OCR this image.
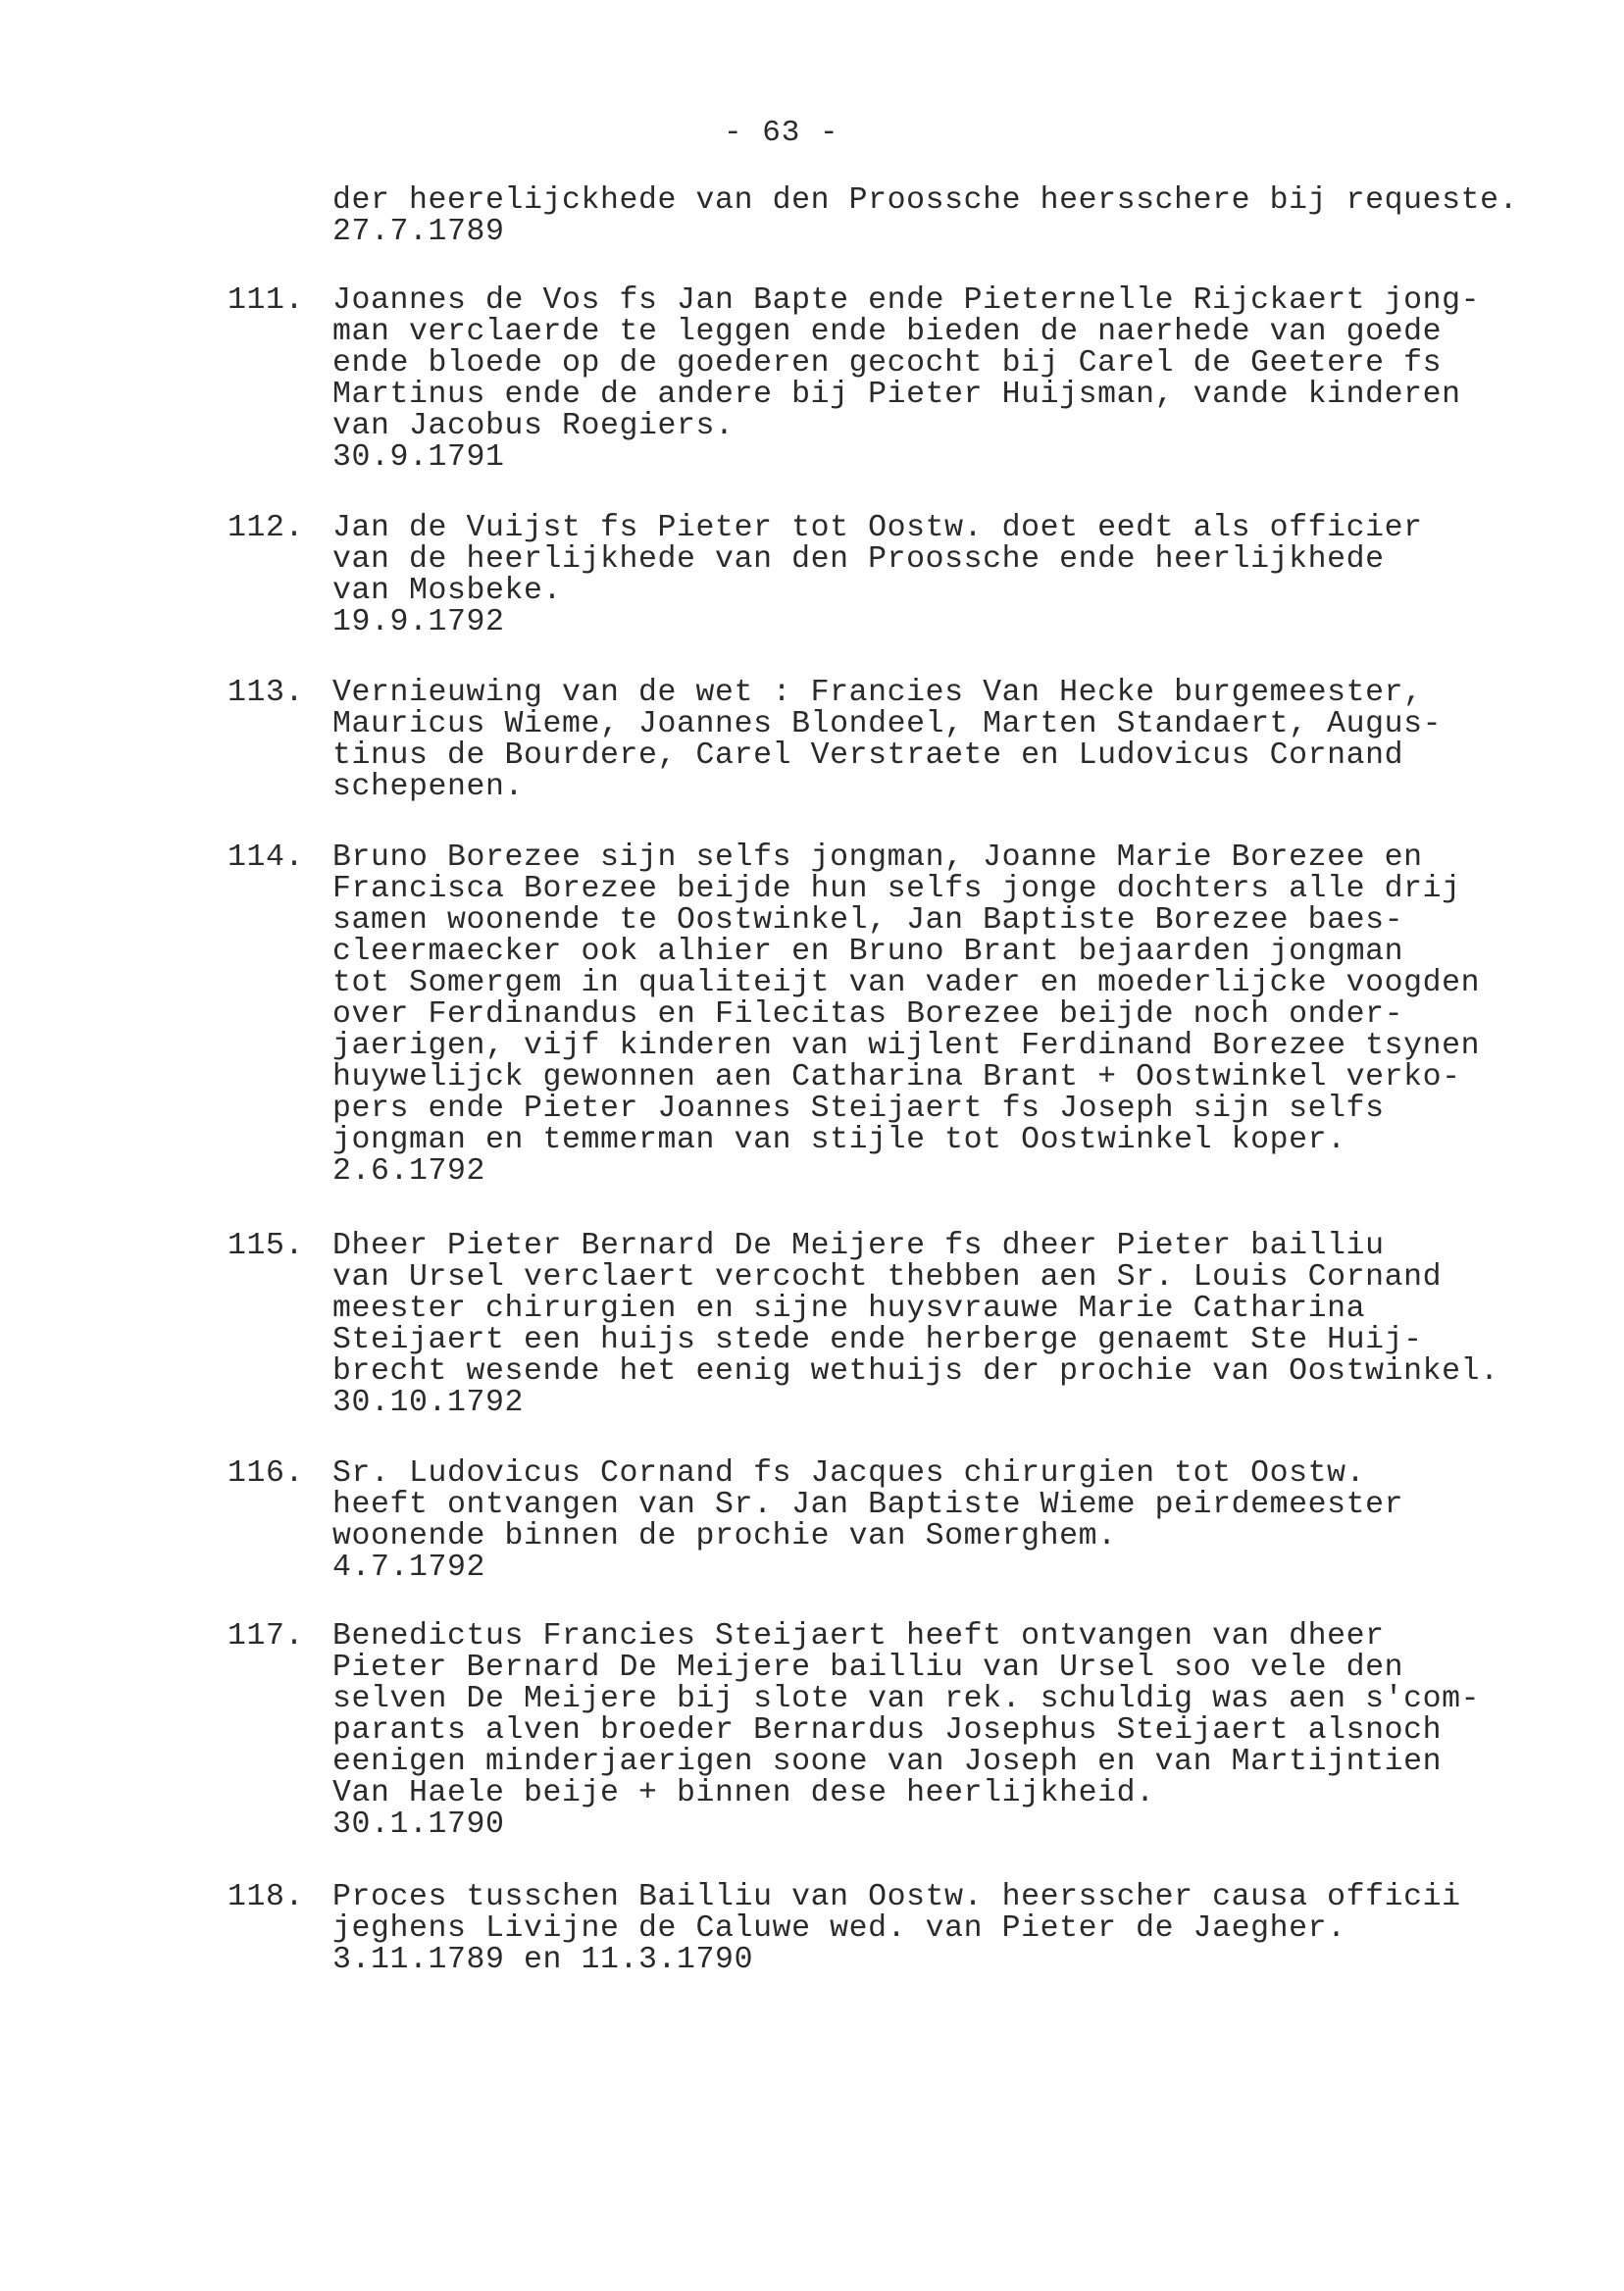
- 63 -
der heerelijckhede van den Proossche heersschere bij requeste.
27.7.1789
111. Joannes de Vos fs Jan Bapte ende Pieternelle Rijckaert jong-
man verclaerde te leggen ende bieden de naerhede van goede
ende bloede op de goederen gecocht bij Carel de Geetere fs
Martinus ende de andere bij Pieter Huijsman, vande kinderen
van Jacobus Roegiers.
30.9.1791
112. Jan de Vuijst fs Pieter tot Oostw. doet eedt als officier
van de heerlijkhede van den Proossche ende heerlijkhede
van Mosbeke.
19.9.1792
113. Vernieuwing van de wet : Francies Van Hecke burgemeester,
Mauricus Wieme, Joannes Blondeel, Marten Standaert, Augus-
tinus de Bourdere, Carel Verstraete en Ludovicus Cornand
schepenen.
114. Bruno Borezee sijn selfs jongman, Joanne Marie Borezee en
Francisca Borezee beijde hun selfs jonge dochters alle drij
samen woonende te Oostwinkel, Jan Baptiste Borezee baes-
cleermaecker ook alhier en Bruno Brant bejaarden jongman
tot Somergem in qualiteijt van vader en moederlijcke voogden
over Ferdinandus en Filecitas Borezee beijde noch onder-
jaerigen, vijf kinderen van wijlent Ferdinand Borezee tsynen
huywelijck gewonnen aen Catharina Brant + Oostwinkel verko-
pers ende Pieter Joannes Steijaert fs Joseph sijn selfs
jongman en temmerman van stijle tot Oostwinkel koper.
2.6.1792
115. Dheer Pieter Bernard De Meijere fs dheer Pieter bailliu
van Ursel verclaert vercocht thebben aen Sr. Louis Cornand
meester chirurgien en sijne huysvrauwe Marie Catharina
Steijaert een huijs stede ende herberge genaemt Ste Huij-
brecht wesende het eenig wethuijs der prochie van Oostwinkel.
30.10.1792
116. Sr. Ludovicus Cornand fs Jacques chirurgien tot Oostw.
heeft ontvangen van Sr. Jan Baptiste Wieme peirdemeester
woonende binnen de prochie van Somerghem.
4.7.1792
117. Benedictus Francies Steijaert heeft ontvangen van dheer
Pieter Bernard De Meijere bailliu van Ursel soo vele den
selven De Meijere bij slote van rek. schuldig was aen s'com-
parants alven broeder Bernardus Josephus Steijaert alsnoch
eenigen minderjaerigen soone van Joseph en van Martijntien
Van Haele beije + binnen dese heerlijkheid.
30.1.1790
118. Proces tusschen Bailliu van Oostw. heersscher causa officii
jeghens Livijne de Caluwe wed. van Pieter de Jaegher.
3.11.1789 en 11.3.1790
